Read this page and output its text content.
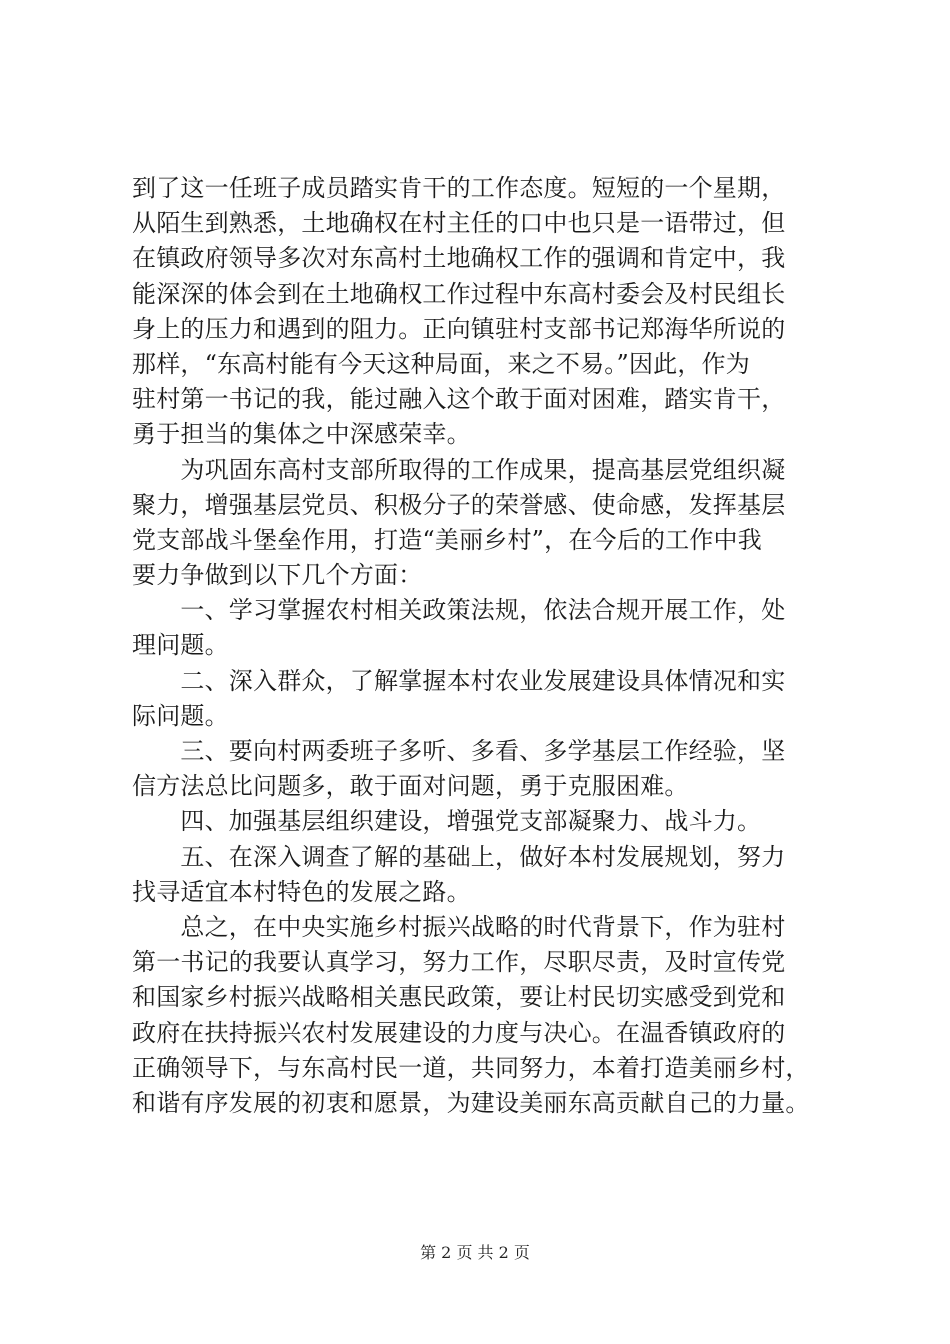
到了这一任班子成员踏实肯干的工作态度。短短的一个星期，
从陌生到熟悉，土地确权在村主任的口中也只是一语带过，但
在镇政府领导多次对东高村土地确权工作的强调和肯定中，我
能深深的体会到在土地确权工作过程中东高村委会及村民组长
身上的压力和遇到的阻力。正向镇驻村支部书记郑海华所说的
那样，“东高村能有今天这种局面，来之不易。”因此，作为
驻村第一书记的我，能过融入这个敢于面对困难，踏实肯干，
勇于担当的集体之中深感荣幸。
　　为巩固东高村支部所取得的工作成果，提高基层党组织凝
聚力，增强基层党员、积极分子的荣誉感、使命感，发挥基层
党支部战斗堡垒作用，打造“美丽乡村”，在今后的工作中我
要力争做到以下几个方面：
　　一、学习掌握农村相关政策法规，依法合规开展工作，处
理问题。
　　二、深入群众，了解掌握本村农业发展建设具体情况和实
际问题。
　　三、要向村两委班子多听、多看、多学基层工作经验，坚
信方法总比问题多，敢于面对问题，勇于克服困难。
　　四、加强基层组织建设，增强党支部凝聚力、战斗力。
　　五、在深入调查了解的基础上，做好本村发展规划，努力
找寻适宜本村特色的发展之路。
　　总之，在中央实施乡村振兴战略的时代背景下，作为驻村
第一书记的我要认真学习，努力工作，尽职尽责，及时宣传党
和国家乡村振兴战略相关惠民政策，要让村民切实感受到党和
政府在扶持振兴农村发展建设的力度与决心。在温香镇政府的
正确领导下，与东高村民一道，共同努力，本着打造美丽乡村，
和谐有序发展的初衷和愿景，为建设美丽东高贡献自己的力量。
第 2 页 共 2 页
